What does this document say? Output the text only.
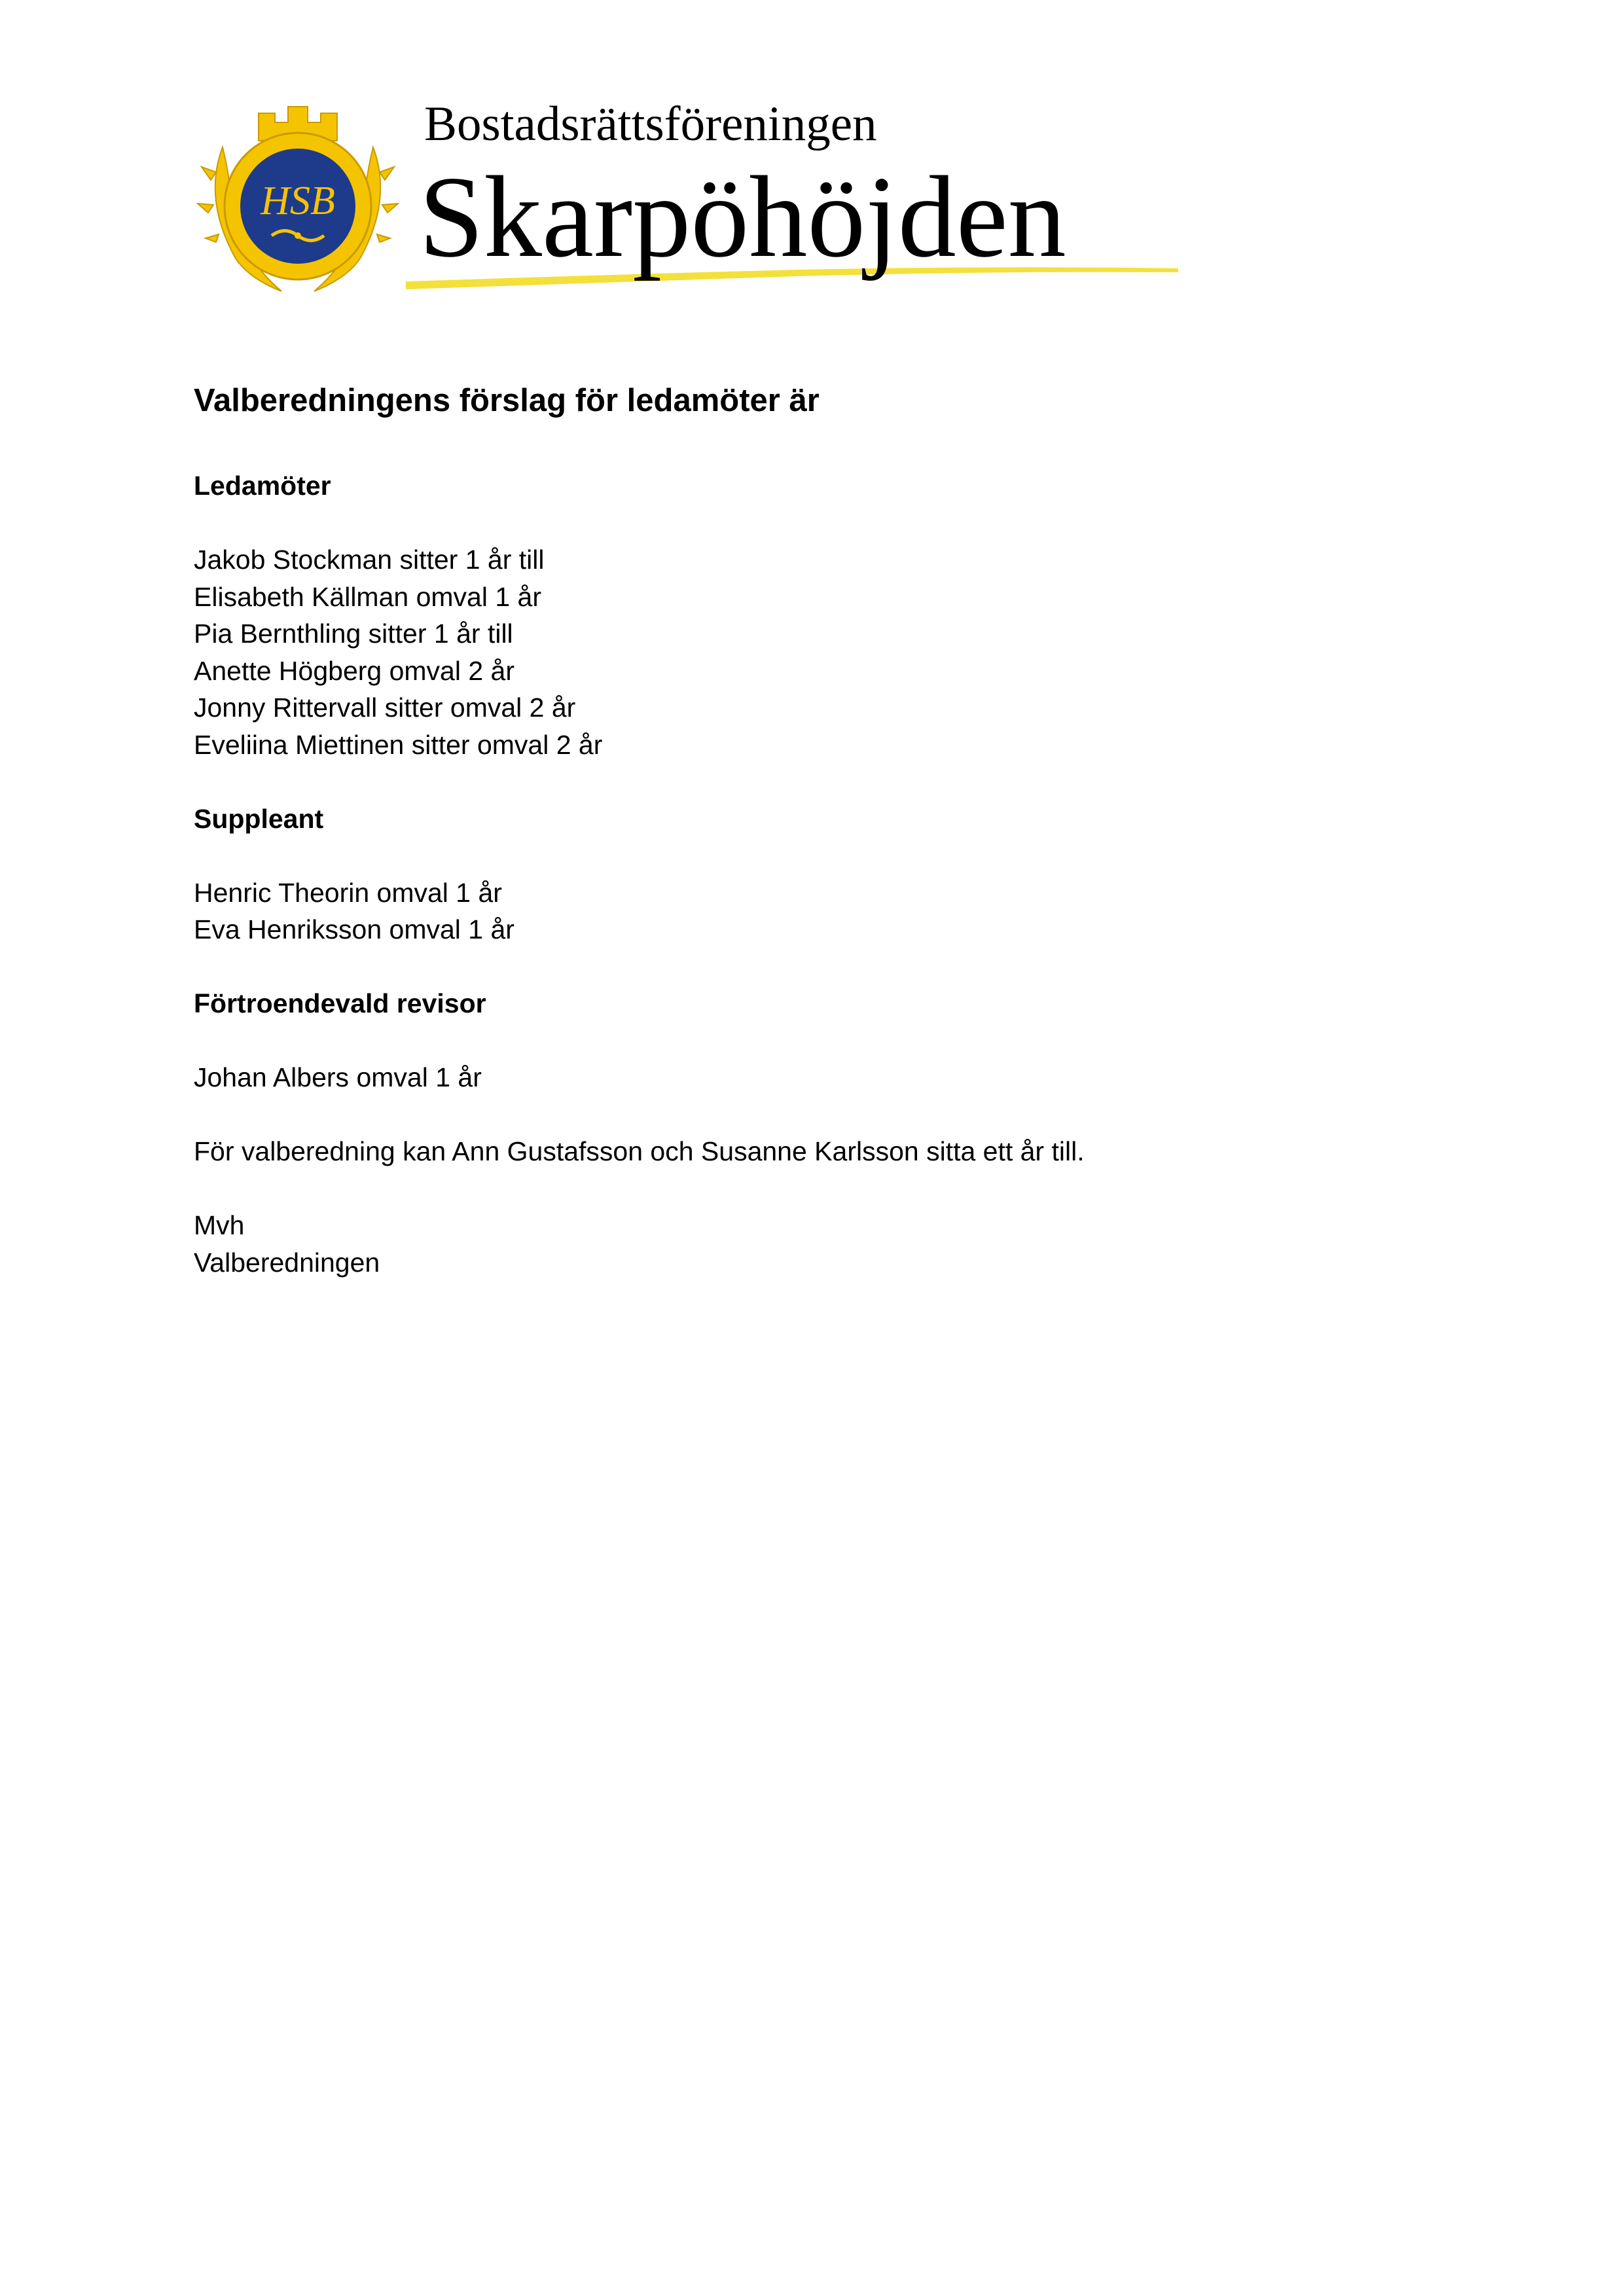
HSB
Bostadsrättsföreningen
Skarpöhöjden
Valberedningens förslag för ledamöter är
Ledamöter
Jakob Stockman sitter 1 år till
Elisabeth Källman omval 1 år
Pia Bernthling sitter 1 år till
Anette Högberg omval 2 år
Jonny Rittervall sitter omval 2 år
Eveliina Miettinen sitter omval 2 år
Suppleant
Henric Theorin omval 1 år
Eva Henriksson omval 1 år
Förtroendevald revisor
Johan Albers omval 1 år
För valberedning kan Ann Gustafsson och Susanne Karlsson sitta ett år till.
Mvh
Valberedningen
